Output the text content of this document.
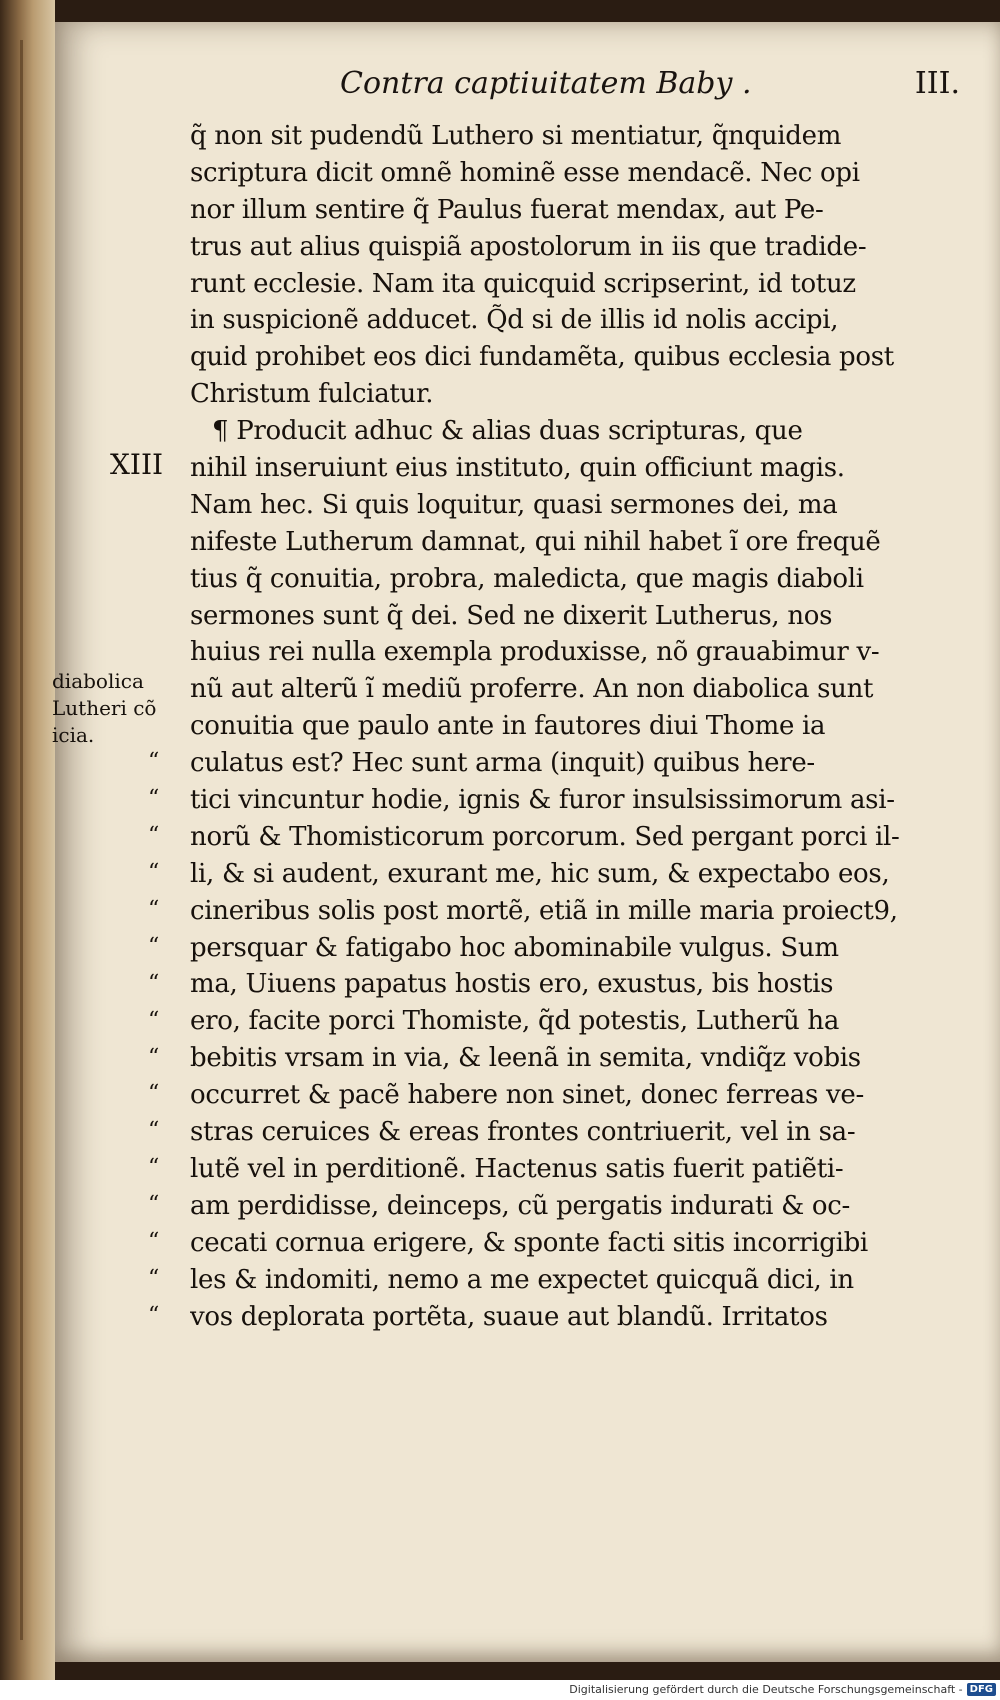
Contra captiuitatem Baby .	III.
XIII
diabolica
Lutheri cõ
icia.
“
“
“
“
“
“
“
“
“
“
“
“
“
“
“
“
q̃ non sit pudendũ Luthero si mentiatur, q̃nquidem
scriptura dicit omnẽ hominẽ esse mendacẽ. Nec opi
nor illum sentire q̃ Paulus fuerat mendax, aut Pe-
trus aut alius quispiã apostolorum in iis que tradide-
runt ecclesie. Nam ita quicquid scripserint, id totuz
in suspicionẽ adducet. Q̃d si de illis id nolis accipi,
quid prohibet eos dici fundamẽta, quibus ecclesia post
Christum fulciatur.
¶ Producit adhuc & alias duas scripturas, que
nihil inseruiunt eius instituto, quin officiunt magis.
Nam hec. Si quis loquitur, quasi sermones dei, ma
nifeste Lutherum damnat, qui nihil habet ĩ ore frequẽ
tius q̃ conuitia, probra, maledicta, que magis diaboli
sermones sunt q̃ dei. Sed ne dixerit Lutherus, nos
huius rei nulla exempla produxisse, nõ grauabimur v-
nũ aut alterũ ĩ mediũ proferre. An non diabolica sunt
conuitia que paulo ante in fautores diui Thome ia
culatus est? Hec sunt arma (inquit) quibus here-
tici vincuntur hodie, ignis & furor insulsissimorum asi-
norũ & Thomisticorum porcorum. Sed pergant porci il-
li, & si audent, exurant me, hic sum, & expectabo eos,
cineribus solis post mortẽ, etiã in mille maria proiect9,
persquar & fatigabo hoc abominabile vulgus. Sum
ma, Uiuens papatus hostis ero, exustus, bis hostis
ero, facite porci Thomiste, q̃d potestis, Lutherũ ha
bebitis vrsam in via, & leenã in semita, vndiq̃z vobis
occurret & pacẽ habere non sinet, donec ferreas ve-
stras ceruices & ereas frontes contriuerit, vel in sa-
lutẽ vel in perditionẽ. Hactenus satis fuerit patiẽti-
am perdidisse, deinceps, cũ pergatis indurati & oc-
cecati cornua erigere, & sponte facti sitis incorrigibi
les & indomiti, nemo a me expectet quicquã dici, in
vos deplorata portẽta, suaue aut blandũ. Irritatos
Digitalisierung gefördert durch die Deutsche Forschungsgemeinschaft - DFG
